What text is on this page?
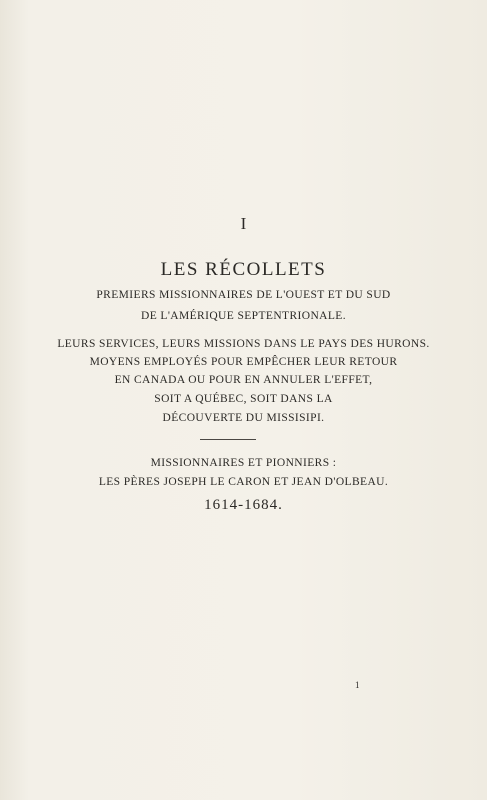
I
LES RÉCOLLETS
PREMIERS MISSIONNAIRES DE L'OUEST ET DU SUD
DE L'AMÉRIQUE SEPTENTRIONALE.
LEURS SERVICES, LEURS MISSIONS DANS LE PAYS DES HURONS.
MOYENS EMPLOYÉS POUR EMPÊCHER LEUR RETOUR
EN CANADA OU POUR EN ANNULER L'EFFET,
SOIT A QUÉBEC, SOIT DANS LA
DÉCOUVERTE DU MISSISIPI.
MISSIONNAIRES ET PIONNIERS :
LES PÈRES JOSEPH LE CARON ET JEAN D'OLBEAU.
1614-1684.
1
